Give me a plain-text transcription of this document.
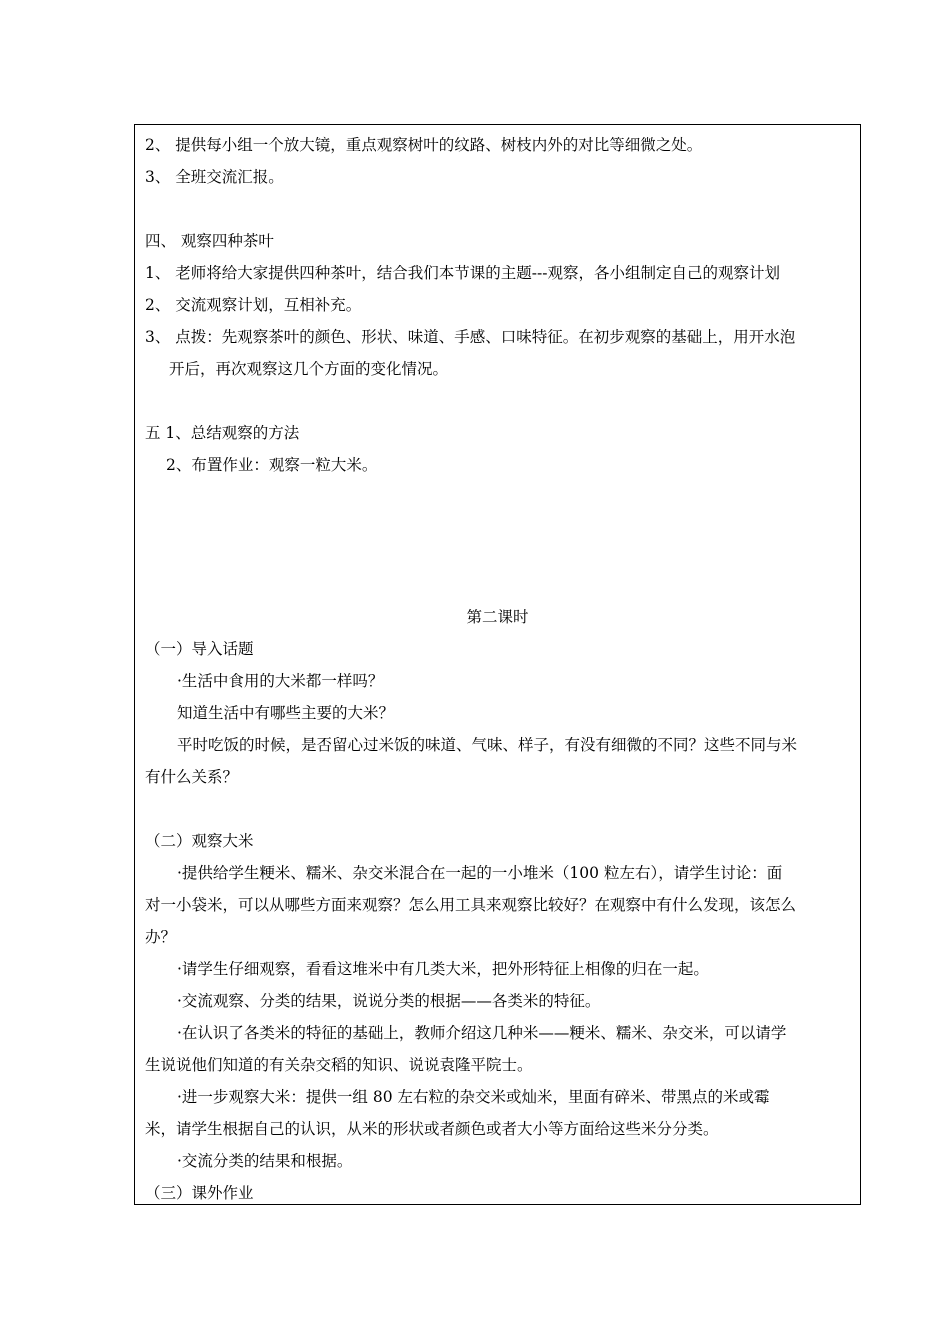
2、 提供每小组一个放大镜，重点观察树叶的纹路、树枝内外的对比等细微之处。
3、 全班交流汇报。
四、 观察四种茶叶
1、 老师将给大家提供四种茶叶，结合我们本节课的主题---观察，各小组制定自己的观察计划
2、 交流观察计划，互相补充。
3、 点拨：先观察茶叶的颜色、形状、味道、手感、口味特征。在初步观察的基础上，用开水泡
开后，再次观察这几个方面的变化情况。
五 1、总结观察的方法
2、布置作业：观察一粒大米。
第二课时
（一）导入话题
·生活中食用的大米都一样吗？
知道生活中有哪些主要的大米？
平时吃饭的时候，是否留心过米饭的味道、气味、样子，有没有细微的不同？这些不同与米
有什么关系？
（二）观察大米
·提供给学生粳米、糯米、杂交米混合在一起的一小堆米（100 粒左右），请学生讨论：面
对一小袋米，可以从哪些方面来观察？怎么用工具来观察比较好？在观察中有什么发现，该怎么
办？
·请学生仔细观察，看看这堆米中有几类大米，把外形特征上相像的归在一起。
·交流观察、分类的结果，说说分类的根据——各类米的特征。
·在认识了各类米的特征的基础上，教师介绍这几种米——粳米、糯米、杂交米，可以请学
生说说他们知道的有关杂交稻的知识、说说袁隆平院士。
·进一步观察大米：提供一组 80 左右粒的杂交米或灿米，里面有碎米、带黑点的米或霉
米，请学生根据自己的认识，从米的形状或者颜色或者大小等方面给这些米分分类。
·交流分类的结果和根据。
（三）课外作业
